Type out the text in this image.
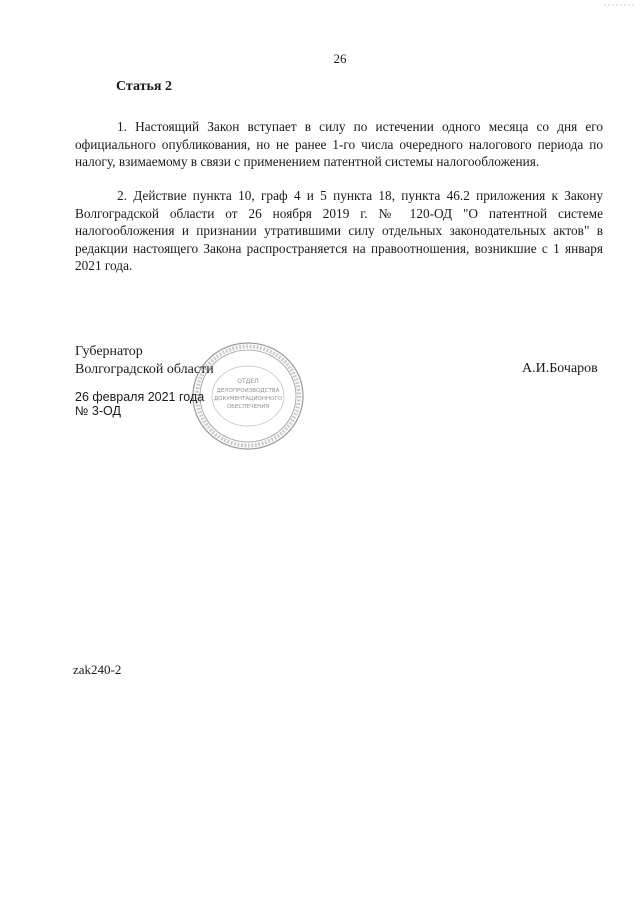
26
Статья 2
1. Настоящий Закон вступает в силу по истечении одного месяца со дня его официального опубликования, но не ранее 1-го числа очередного налогового периода по налогу, взимаемому в связи с применением патентной системы налогообложения.
2. Действие пункта 10, граф 4 и 5 пункта 18, пункта 46.2 приложения к Закону Волгоградской области от 26 ноября 2019 г. № 120-ОД "О патентной системе налогообложения и признании утратившими силу отдельных законодательных актов" в редакции настоящего Закона распространяется на правоотношения, возникшие с 1 января 2021 года.
Губернатор
Волгоградской области	А.И.Бочаров
26 февраля 2021 года
№ 3-ОД
ОТДЕЛ
ДЕЛОПРОИЗВОДСТВА
ДОКУМЕНТАЦИОННОГО
ОБЕСПЕЧЕНИЯ
zak240-2
